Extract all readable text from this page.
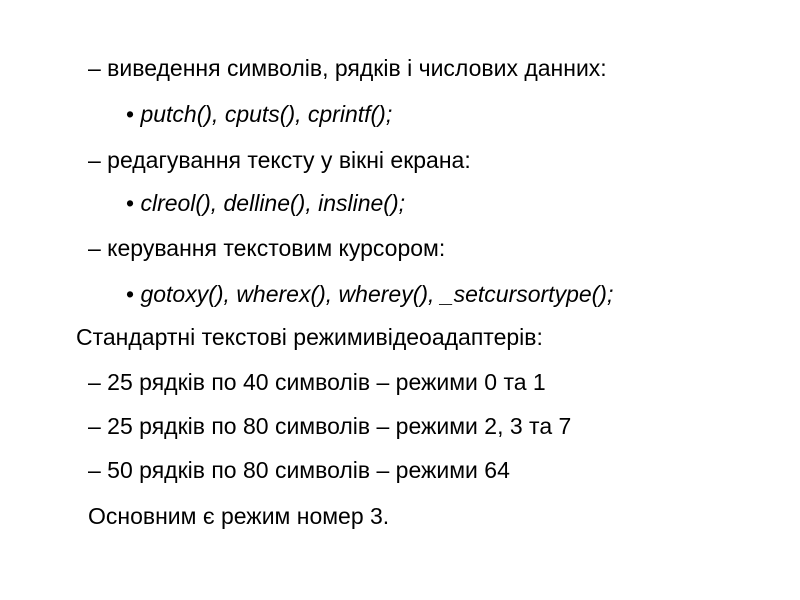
– виведення символів, рядків і числових данних:
• putch(), cputs(), cprintf();
– редагування тексту у вікні екрана:
• clreol(), delline(), insline();
– керування текстовим курсором:
• gotoxy(), wherex(), wherey(), _setcursortype();
Стандартні текстові режимивідеоадаптерів:
– 25 рядків по 40 символів – режими 0 та 1
– 25 рядків по 80 символів – режими 2, 3 та 7
– 50 рядків по 80 символів – режими 64
Основним є режим номер 3.
